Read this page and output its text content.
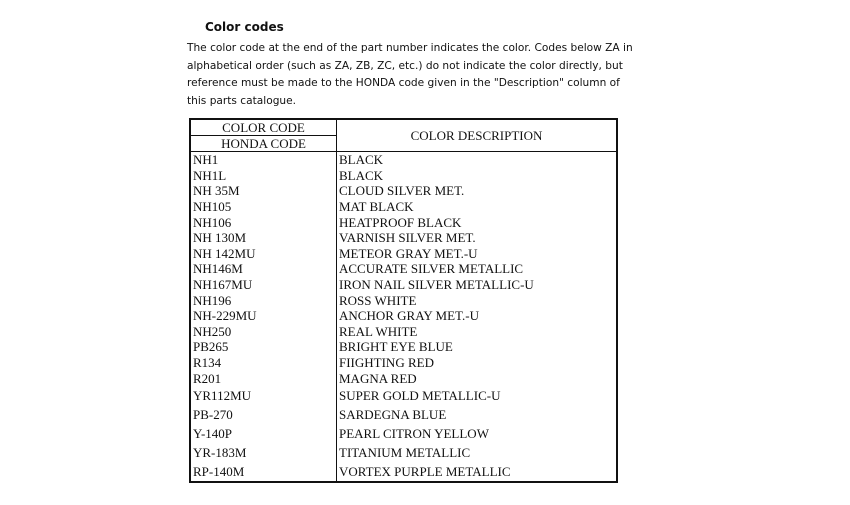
Color codes
The color code at the end of the part number indicates the color. Codes below ZA in
alphabetical order (such as ZA, ZB, ZC, etc.) do not indicate the color directly, but
reference must be made to the HONDA code given in the "Description" column of
this parts catalogue.
COLOR CODE	COLOR DESCRIPTION
HONDA CODE	
NH1	BLACK
NH1L	BLACK
NH 35M	CLOUD SILVER MET.
NH105	MAT BLACK
NH106	HEATPROOF BLACK
NH 130M	VARNISH SILVER MET.
NH 142MU	METEOR GRAY MET.-U
NH146M	ACCURATE SILVER METALLIC
NH167MU	IRON NAIL SILVER METALLIC-U
NH196	ROSS WHITE
NH-229MU	ANCHOR GRAY MET.-U
NH250	REAL WHITE
PB265	BRIGHT EYE BLUE
R134	FIIGHTING RED
R201	MAGNA RED
YR112MU	SUPER GOLD METALLIC-U
PB-270	SARDEGNA BLUE
Y-140P	PEARL CITRON YELLOW
YR-183M	TITANIUM METALLIC
RP-140M	VORTEX PURPLE METALLIC
